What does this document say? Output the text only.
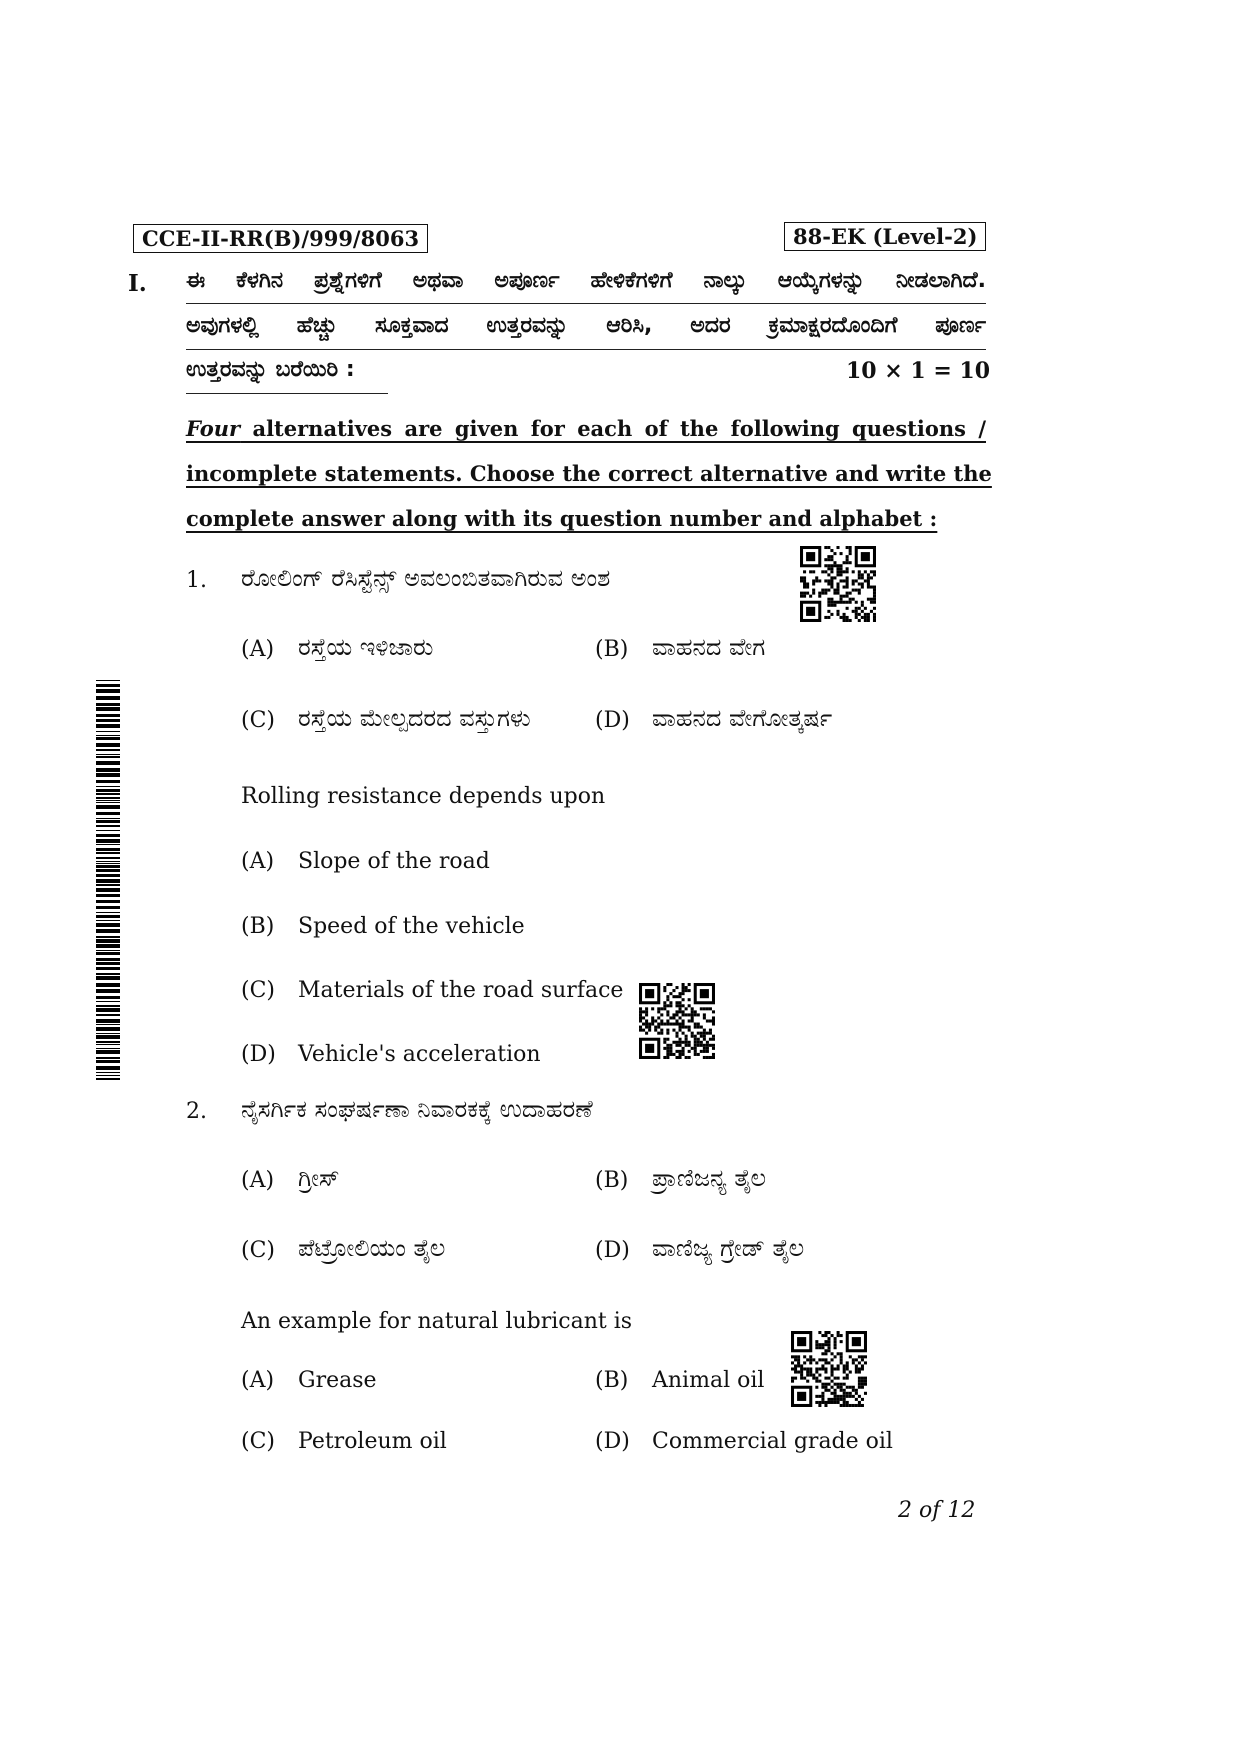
CCE-II-RR(B)/999/8063	88-EK (Level-2)
I. ಈ ಕೆಳಗಿನ ಪ್ರಶ್ನೆಗಳಿಗೆ ಅಥವಾ ಅಪೂರ್ಣ ಹೇಳಿಕೆಗಳಿಗೆ ನಾಲ್ಕು ಆಯ್ಕೆಗಳನ್ನು ನೀಡಲಾಗಿದೆ.
ಅವುಗಳಲ್ಲಿ ಹೆಚ್ಚು ಸೂಕ್ತವಾದ ಉತ್ತರವನ್ನು ಆರಿಸಿ, ಅದರ ಕ್ರಮಾಕ್ಷರದೊಂದಿಗೆ ಪೂರ್ಣ
ಉತ್ತರವನ್ನು ಬರೆಯಿರಿ :	10 × 1 = 10
Four alternatives are given for each of the following questions /
incomplete statements. Choose the correct alternative and write the
complete answer along with its question number and alphabet :
1. ರೋಲಿಂಗ್ ರೆಸಿಸ್ಟೆನ್ಸ್ ಅವಲಂಬಿತವಾಗಿರುವ ಅಂಶ
(A) ರಸ್ತೆಯ ಇಳಿಜಾರು	(B) ವಾಹನದ ವೇಗ
(C) ರಸ್ತೆಯ ಮೇಲ್ಪದರದ ವಸ್ತುಗಳು	(D) ವಾಹನದ ವೇಗೋತ್ಕರ್ಷ
Rolling resistance depends upon
(A) Slope of the road
(B) Speed of the vehicle
(C) Materials of the road surface
(D) Vehicle's acceleration
2. ನೈಸರ್ಗಿಕ ಸಂಘರ್ಷಣಾ ನಿವಾರಕಕ್ಕೆ ಉದಾಹರಣೆ
(A) ಗ್ರೀಸ್	(B) ಪ್ರಾಣಿಜನ್ಯ ತೈಲ
(C) ಪೆಟ್ರೋಲಿಯಂ ತೈಲ	(D) ವಾಣಿಜ್ಯ ಗ್ರೇಡ್ ತೈಲ
An example for natural lubricant is
(A) Grease	(B) Animal oil
(C) Petroleum oil	(D) Commercial grade oil
2 of 12
